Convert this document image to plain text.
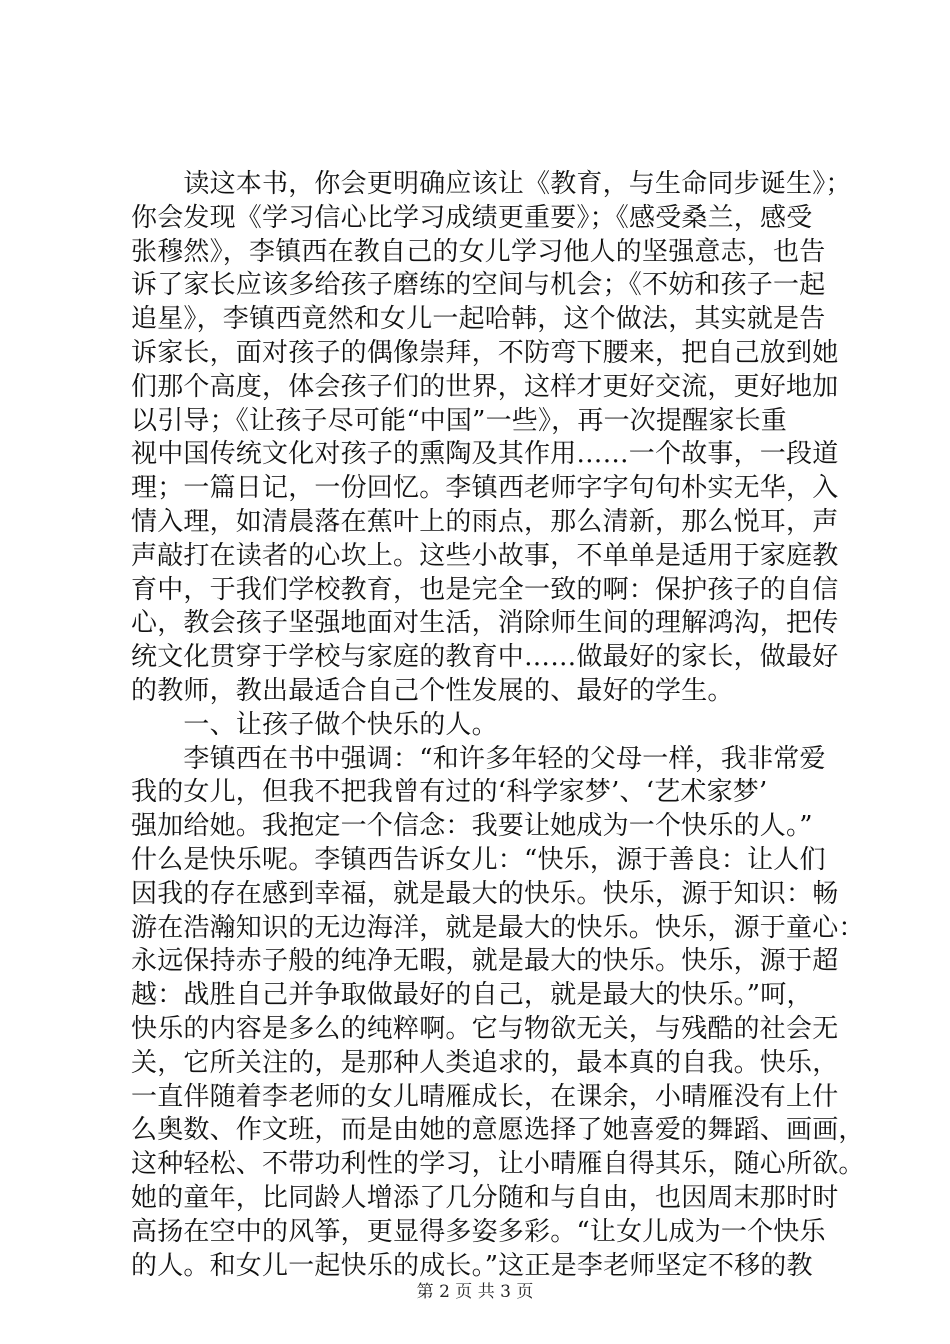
　　读这本书，你会更明确应该让《教育，与生命同步诞生》；
你会发现《学习信心比学习成绩更重要》；《感受桑兰，感受
张穆然》，李镇西在教自己的女儿学习他人的坚强意志，也告
诉了家长应该多给孩子磨练的空间与机会；《不妨和孩子一起
追星》，李镇西竟然和女儿一起哈韩，这个做法，其实就是告
诉家长，面对孩子的偶像崇拜，不防弯下腰来，把自己放到她
们那个高度，体会孩子们的世界，这样才更好交流，更好地加
以引导；《让孩子尽可能“中国”一些》，再一次提醒家长重
视中国传统文化对孩子的熏陶及其作用……一个故事，一段道
理；一篇日记，一份回忆。李镇西老师字字句句朴实无华，入
情入理，如清晨落在蕉叶上的雨点，那么清新，那么悦耳，声
声敲打在读者的心坎上。这些小故事，不单单是适用于家庭教
育中，于我们学校教育，也是完全一致的啊：保护孩子的自信
心，教会孩子坚强地面对生活，消除师生间的理解鸿沟，把传
统文化贯穿于学校与家庭的教育中……做最好的家长，做最好
的教师，教出最适合自己个性发展的、最好的学生。
　　一、让孩子做个快乐的人。
　　李镇西在书中强调：“和许多年轻的父母一样，我非常爱
我的女儿，但我不把我曾有过的‘科学家梦’、‘艺术家梦’
强加给她。我抱定一个信念：我要让她成为一个快乐的人。”
什么是快乐呢。李镇西告诉女儿：“快乐，源于善良：让人们
因我的存在感到幸福，就是最大的快乐。快乐，源于知识：畅
游在浩瀚知识的无边海洋，就是最大的快乐。快乐，源于童心：
永远保持赤子般的纯净无暇，就是最大的快乐。快乐，源于超
越：战胜自己并争取做最好的自己，就是最大的快乐。”呵，
快乐的内容是多么的纯粹啊。它与物欲无关，与残酷的社会无
关，它所关注的，是那种人类追求的，最本真的自我。快乐，
一直伴随着李老师的女儿晴雁成长，在课余，小晴雁没有上什
么奥数、作文班，而是由她的意愿选择了她喜爱的舞蹈、画画，
这种轻松、不带功利性的学习，让小晴雁自得其乐，随心所欲。
她的童年，比同龄人增添了几分随和与自由，也因周末那时时
高扬在空中的风筝，更显得多姿多彩。“让女儿成为一个快乐
的人。和女儿一起快乐的成长。”这正是李老师坚定不移的教
第 2 页 共 3 页
